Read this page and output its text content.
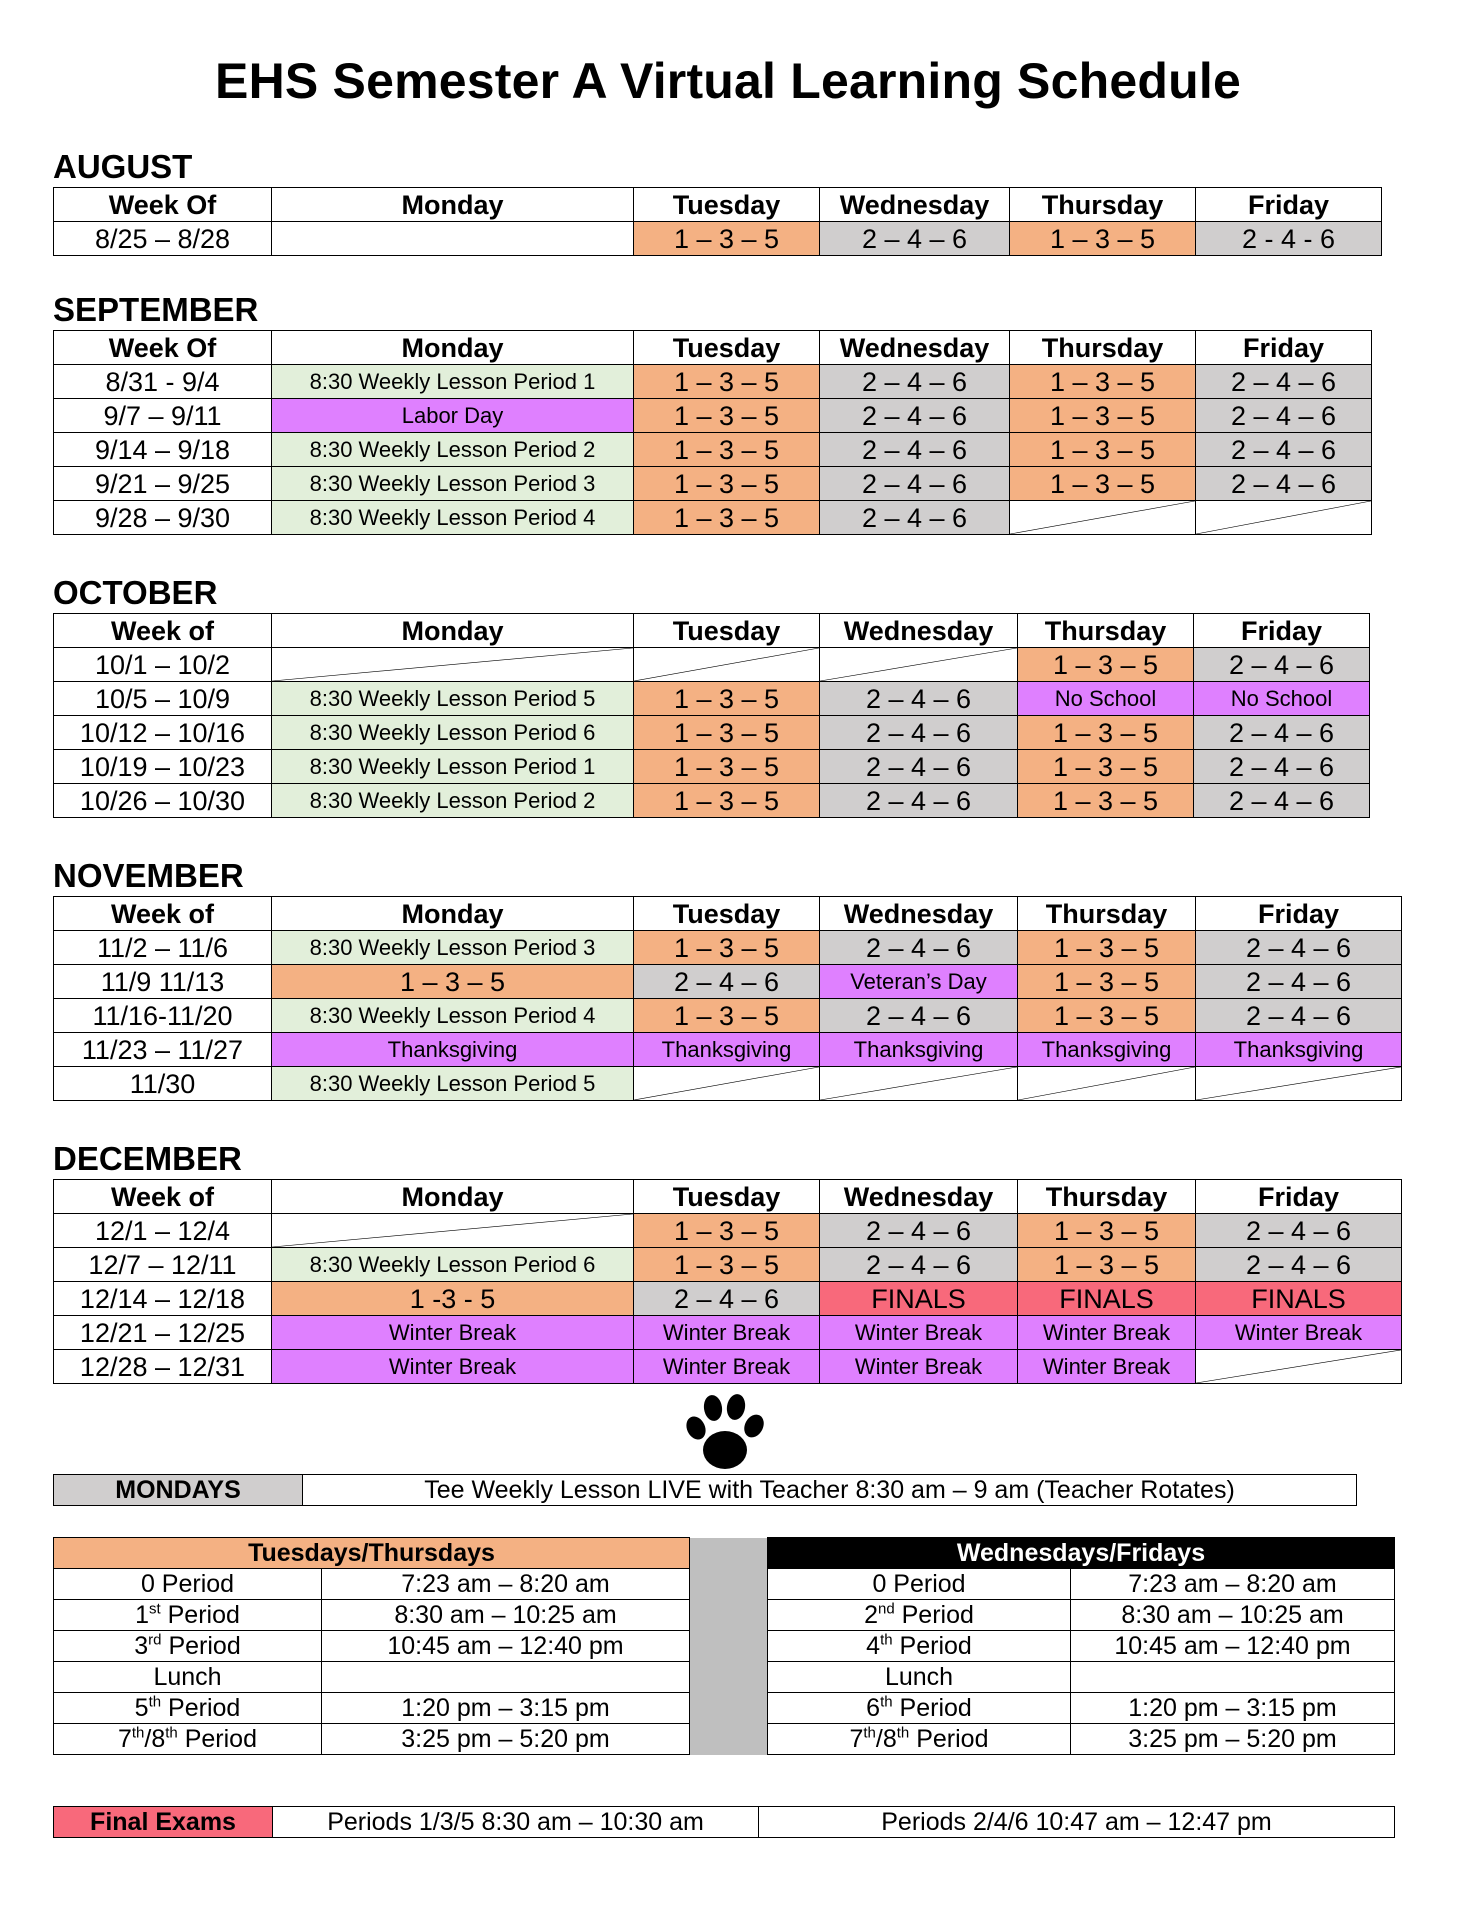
EHS Semester A Virtual Learning Schedule
AUGUST
Week Of	Monday	Tuesday	Wednesday	Thursday	Friday
8/25 – 8/28		1 – 3 – 5	2 – 4 – 6	1 – 3 – 5	2 - 4 - 6
SEPTEMBER
Week Of	Monday	Tuesday	Wednesday	Thursday	Friday
8/31 - 9/4	8:30 Weekly Lesson Period 1	1 – 3 – 5	2 – 4 – 6	1 – 3 – 5	2 – 4 – 6
9/7 – 9/11	Labor Day	1 – 3 – 5	2 – 4 – 6	1 – 3 – 5	2 – 4 – 6
9/14 – 9/18	8:30 Weekly Lesson Period 2	1 – 3 – 5	2 – 4 – 6	1 – 3 – 5	2 – 4 – 6
9/21 – 9/25	8:30 Weekly Lesson Period 3	1 – 3 – 5	2 – 4 – 6	1 – 3 – 5	2 – 4 – 6
9/28 – 9/30	8:30 Weekly Lesson Period 4	1 – 3 – 5	2 – 4 – 6	

OCTOBER
Week of	Monday	Tuesday	Wednesday	Thursday	Friday
10/1 – 10/2				1 – 3 – 5	2 – 4 – 6
10/5 – 10/9	8:30 Weekly Lesson Period 5	1 – 3 – 5	2 – 4 – 6	No School	No School
10/12 – 10/16	8:30 Weekly Lesson Period 6	1 – 3 – 5	2 – 4 – 6	1 – 3 – 5	2 – 4 – 6
10/19 – 10/23	8:30 Weekly Lesson Period 1	1 – 3 – 5	2 – 4 – 6	1 – 3 – 5	2 – 4 – 6
10/26 – 10/30	8:30 Weekly Lesson Period 2	1 – 3 – 5	2 – 4 – 6	1 – 3 – 5	2 – 4 – 6
NOVEMBER
Week of	Monday	Tuesday	Wednesday	Thursday	Friday
11/2 – 11/6	8:30 Weekly Lesson Period 3	1 – 3 – 5	2 – 4 – 6	1 – 3 – 5	2 – 4 – 6
11/9 11/13	1 – 3 – 5	2 – 4 – 6	Veteran’s Day	1 – 3 – 5	2 – 4 – 6
11/16-11/20	8:30 Weekly Lesson Period 4	1 – 3 – 5	2 – 4 – 6	1 – 3 – 5	2 – 4 – 6
11/23 – 11/27	Thanksgiving	Thanksgiving	Thanksgiving	Thanksgiving	Thanksgiving
11/30	8:30 Weekly Lesson Period 5	

DECEMBER
Week of	Monday	Tuesday	Wednesday	Thursday	Friday
12/1 – 12/4		1 – 3 – 5	2 – 4 – 6	1 – 3 – 5	2 – 4 – 6
12/7 – 12/11	8:30 Weekly Lesson Period 6	1 – 3 – 5	2 – 4 – 6	1 – 3 – 5	2 – 4 – 6
12/14 – 12/18	1 -3 - 5	2 – 4 – 6	FINALS	FINALS	FINALS
12/21 – 12/25	Winter Break	Winter Break	Winter Break	Winter Break	Winter Break
12/28 – 12/31	Winter Break	Winter Break	Winter Break	Winter Break	
MONDAYS	Tee Weekly Lesson LIVE with Teacher 8:30 am – 9 am (Teacher Rotates)
Tuesdays/Thursdays			Wednesdays/Fridays	
0 Period	7:23 am – 8:20 am		0 Period	7:23 am – 8:20 am
1st Period	8:30 am – 10:25 am		2nd Period	8:30 am – 10:25 am
3rd Period	10:45 am – 12:40 pm		4th Period	10:45 am – 12:40 pm
Lunch			Lunch	
5th Period	1:20 pm – 3:15 pm		6th Period	1:20 pm – 3:15 pm
7th/8th Period	3:25 pm – 5:20 pm		7th/8th Period	3:25 pm – 5:20 pm
Final Exams	Periods 1/3/5 8:30 am – 10:30 am	Periods 2/4/6 10:47 am – 12:47 pm
